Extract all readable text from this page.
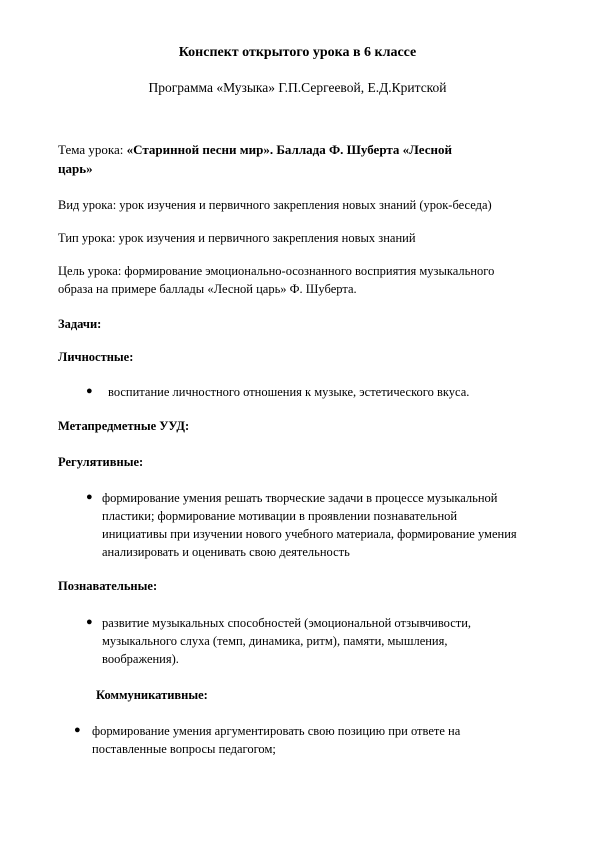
Конспект открытого урока в 6 классе

Программа «Музыка» Г.П.Сергеевой, Е.Д.Критской

Тема урока: «Старинной песни мир». Баллада Ф. Шуберта «Лесной
царь»

Вид урока: урок изучения и первичного закрепления новых знаний (урок-беседа)

Тип урока: урок изучения и первичного закрепления новых знаний

Цель урока: формирование эмоционально-осознанного восприятия музыкального
образа на примере баллады «Лесной царь» Ф. Шуберта.

Задачи:

Личностные:

●	воспитание личностного отношения к музыке, эстетического вкуса.

Метапредметные УУД:

Регулятивные:

● формирование умения решать творческие задачи в процессе музыкальной
пластики; формирование мотивации в проявлении познавательной
инициативы при изучении нового учебного материала, формирование умения
анализировать и оценивать свою деятельность

Познавательные:

● развитие музыкальных способностей (эмоциональной отзывчивости,
музыкального слуха (темп, динамика, ритм), памяти, мышления,
воображения).

Коммуникативные:

● формирование умения аргументировать свою позицию при ответе на
поставленные вопросы педагогом;
